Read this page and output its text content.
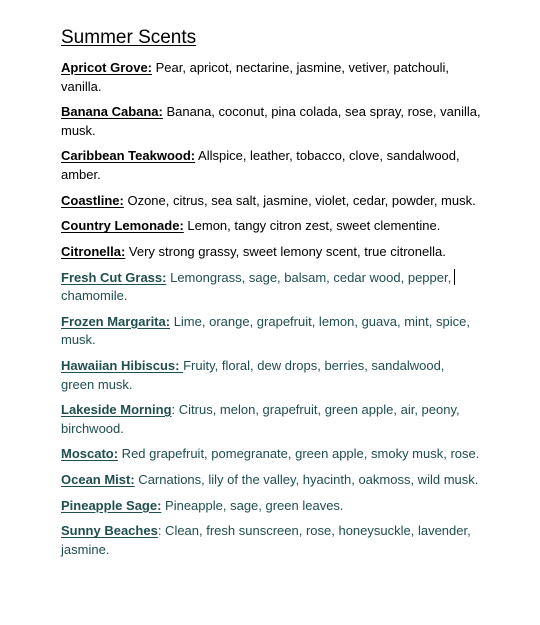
Summer Scents
Apricot Grove: Pear, apricot, nectarine, jasmine, vetiver, patchouli, vanilla.
Banana Cabana: Banana, coconut, pina colada, sea spray, rose, vanilla, musk.
Caribbean Teakwood: Allspice, leather, tobacco, clove, sandalwood, amber.
Coastline: Ozone, citrus, sea salt, jasmine, violet, cedar, powder, musk.
Country Lemonade: Lemon, tangy citron zest, sweet clementine.
Citronella: Very strong grassy, sweet lemony scent, true citronella.
Fresh Cut Grass: Lemongrass, sage, balsam, cedar wood, pepper, chamomile.
Frozen Margarita: Lime, orange, grapefruit, lemon, guava, mint, spice, musk.
Hawaiian Hibiscus: Fruity, floral, dew drops, berries, sandalwood, green musk.
Lakeside Morning: Citrus, melon, grapefruit, green apple, air, peony, birchwood.
Moscato: Red grapefruit, pomegranate, green apple, smoky musk, rose.
Ocean Mist: Carnations, lily of the valley, hyacinth, oakmoss, wild musk.
Pineapple Sage: Pineapple, sage, green leaves.
Sunny Beaches: Clean, fresh sunscreen, rose, honeysuckle, lavender, jasmine.
